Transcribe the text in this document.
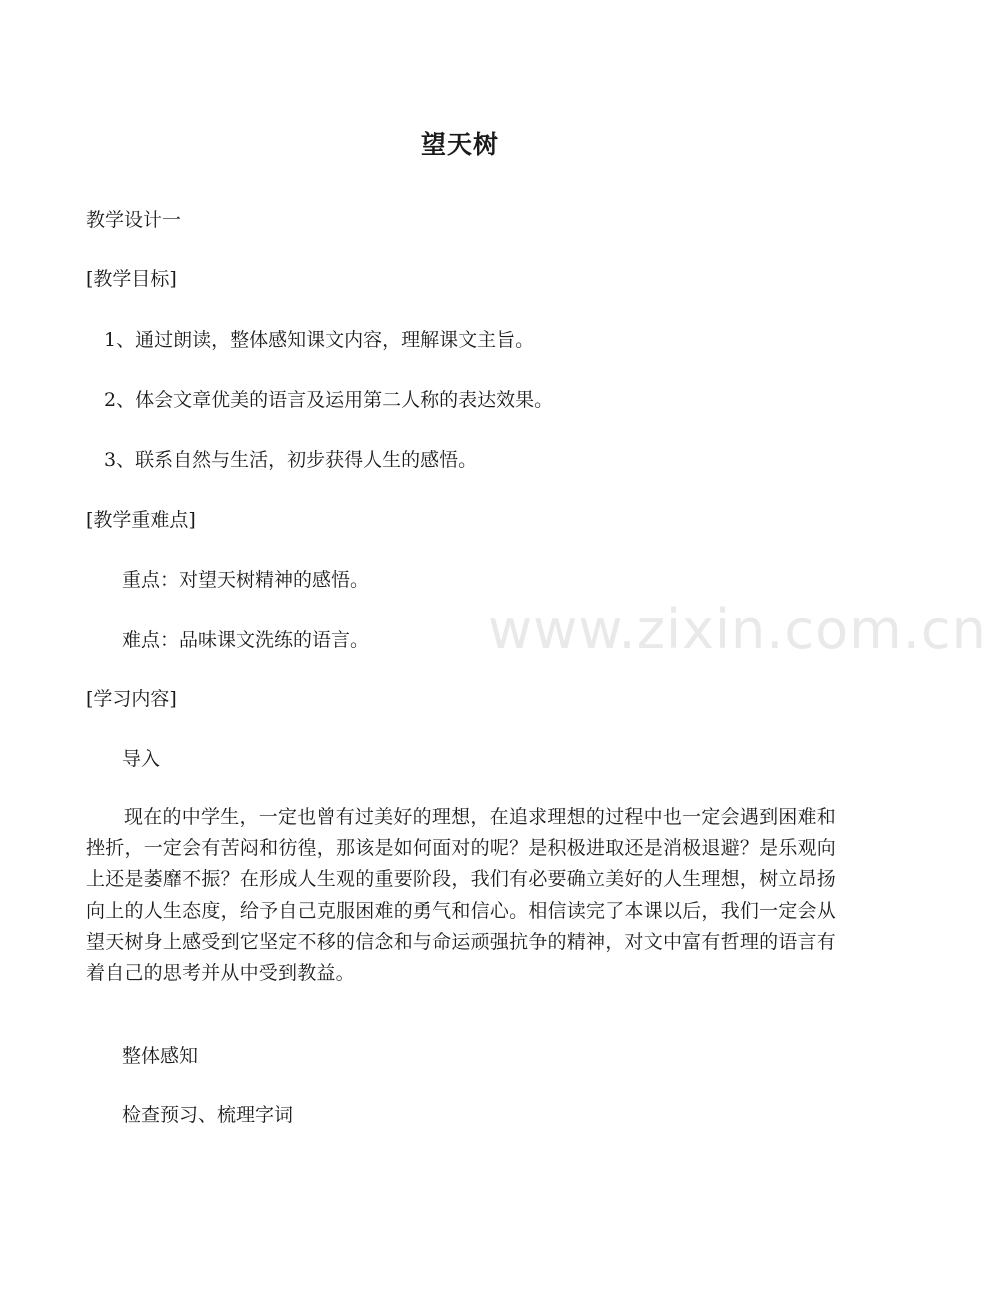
望天树
教学设计一
[教学目标]
1、通过朗读，整体感知课文内容，理解课文主旨。
2、体会文章优美的语言及运用第二人称的表达效果。
3、联系自然与生活，初步获得人生的感悟。
[教学重难点]
重点：对望天树精神的感悟。
难点：品味课文洗练的语言。
[学习内容]
导入
现在的中学生，一定也曾有过美好的理想，在追求理想的过程中也一定会遇到困难和挫折，一定会有苦闷和彷徨，那该是如何面对的呢？是积极进取还是消极退避？是乐观向上还是萎靡不振？在形成人生观的重要阶段，我们有必要确立美好的人生理想，树立昂扬向上的人生态度，给予自己克服困难的勇气和信心。相信读完了本课以后，我们一定会从望天树身上感受到它坚定不移的信念和与命运顽强抗争的精神，对文中富有哲理的语言有着自己的思考并从中受到教益。
整体感知
检查预习、梳理字词
www.zixin.com.cn
